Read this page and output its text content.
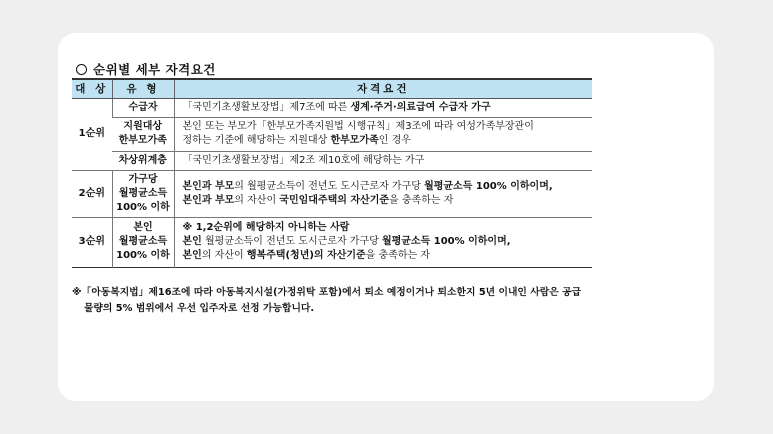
순위별 세부 자격요건
대 상	유 형	자격요건
1순위	수급자	「국민기초생활보장법」제7조에 따른 생계·주거·의료급여 수급자 가구

	지원대상
한부모가족	본인 또는 부모가「한부모가족지원법 시행규칙」제3조에 따라 여성가족부장관이
정하는 기준에 해당하는 지원대상 한부모가족인 경우

	차상위계층	「국민기초생활보장법」제2조 제10호에 해당하는 가구
2순위	가구당
월평균소득
100% 이하	본인과 부모의 월평균소득이 전년도 도시근로자 가구당 월평균소득 100% 이하이며,
본인과 부모의 자산이 국민임대주택의 자산기준을 충족하는 자

3순위	본인
월평균소득
100% 이하	※ 1,2순위에 해당하지 아니하는 사람
본인 월평균소득이 전년도 도시근로자 가구당 월평균소득 100% 이하이며,
본인의 자산이 행복주택(청년)의 자산기준을 충족하는 자
※「아동복지법」제16조에 따라 아동복지시설(가정위탁 포함)에서 퇴소 예정이거나 퇴소한지 5년 이내인 사람은 공급
물량의 5% 범위에서 우선 입주자로 선정 가능합니다.
